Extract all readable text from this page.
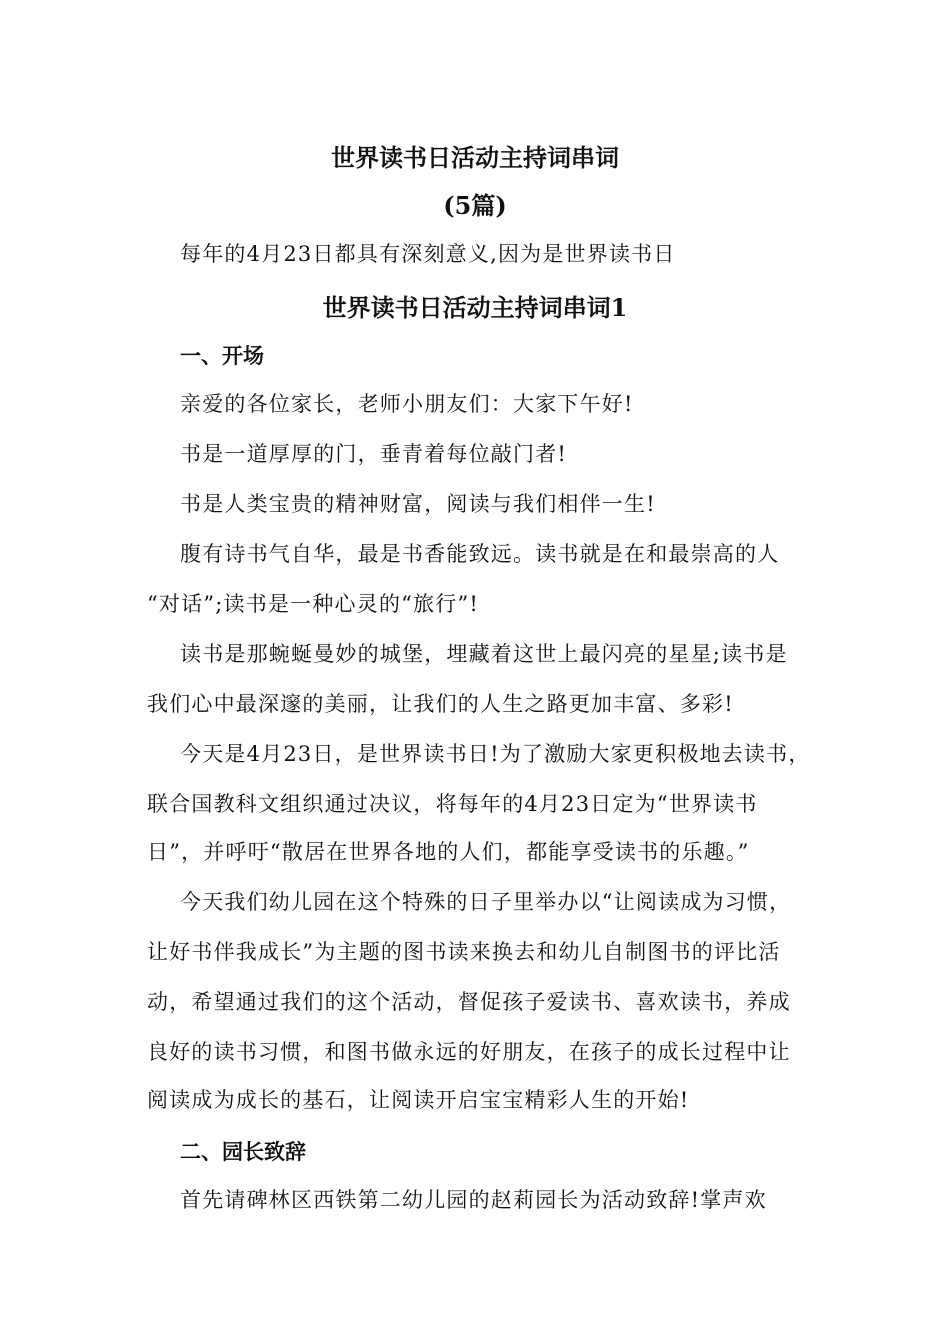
世界读书日活动主持词串词
(5篇)
每年的4月23日都具有深刻意义,因为是世界读书日
世界读书日活动主持词串词1
一、开场
亲爱的各位家长，老师小朋友们：大家下午好!
书是一道厚厚的门，垂青着每位敲门者!
书是人类宝贵的精神财富，阅读与我们相伴一生!
腹有诗书气自华，最是书香能致远。读书就是在和最崇高的人
“对话”;读书是一种心灵的“旅行”!
读书是那蜿蜒曼妙的城堡，埋藏着这世上最闪亮的星星;读书是
我们心中最深邃的美丽，让我们的人生之路更加丰富、多彩!
今天是4月23日，是世界读书日!为了激励大家更积极地去读书，
联合国教科文组织通过决议，将每年的4月23日定为“世界读书
日”，并呼吁“散居在世界各地的人们，都能享受读书的乐趣。”
今天我们幼儿园在这个特殊的日子里举办以“让阅读成为习惯，
让好书伴我成长”为主题的图书读来换去和幼儿自制图书的评比活
动，希望通过我们的这个活动，督促孩子爱读书、喜欢读书，养成
良好的读书习惯，和图书做永远的好朋友，在孩子的成长过程中让
阅读成为成长的基石，让阅读开启宝宝精彩人生的开始!
二、园长致辞
首先请碑林区西铁第二幼儿园的赵莉园长为活动致辞!掌声欢
